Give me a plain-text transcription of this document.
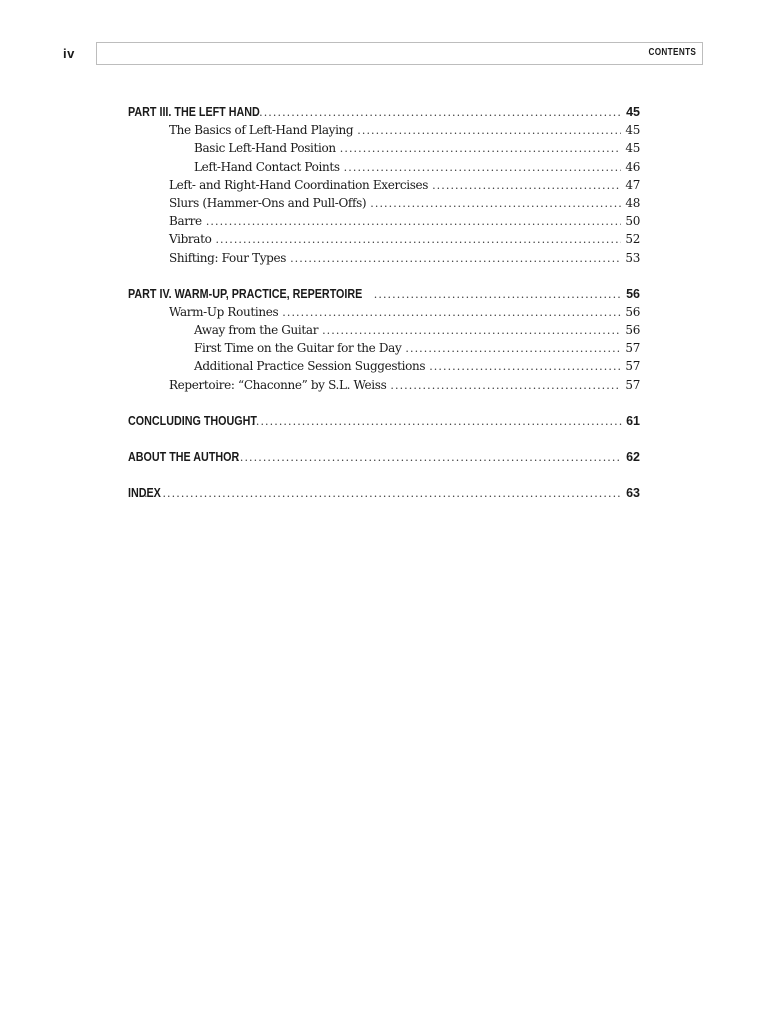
iv	CONTENTS
PART III. THE LEFT HAND . . .	45
The Basics of Left-Hand Playing . . .	45
Basic Left-Hand Position . . .	45
Left-Hand Contact Points . . .	46
Left- and Right-Hand Coordination Exercises . . .	47
Slurs (Hammer-Ons and Pull-Offs) . . .	48
Barre . . .	50
Vibrato . . .	52
Shifting: Four Types . . .	53
PART IV. WARM-UP, PRACTICE, REPERTOIRE . . .	56
Warm-Up Routines . . .	56
Away from the Guitar . . .	56
First Time on the Guitar for the Day . . .	57
Additional Practice Session Suggestions . . .	57
Repertoire: “Chaconne” by S.L. Weiss . . .	57
CONCLUDING THOUGHT . . .	61
ABOUT THE AUTHOR . . .	62
INDEX . . .	63
